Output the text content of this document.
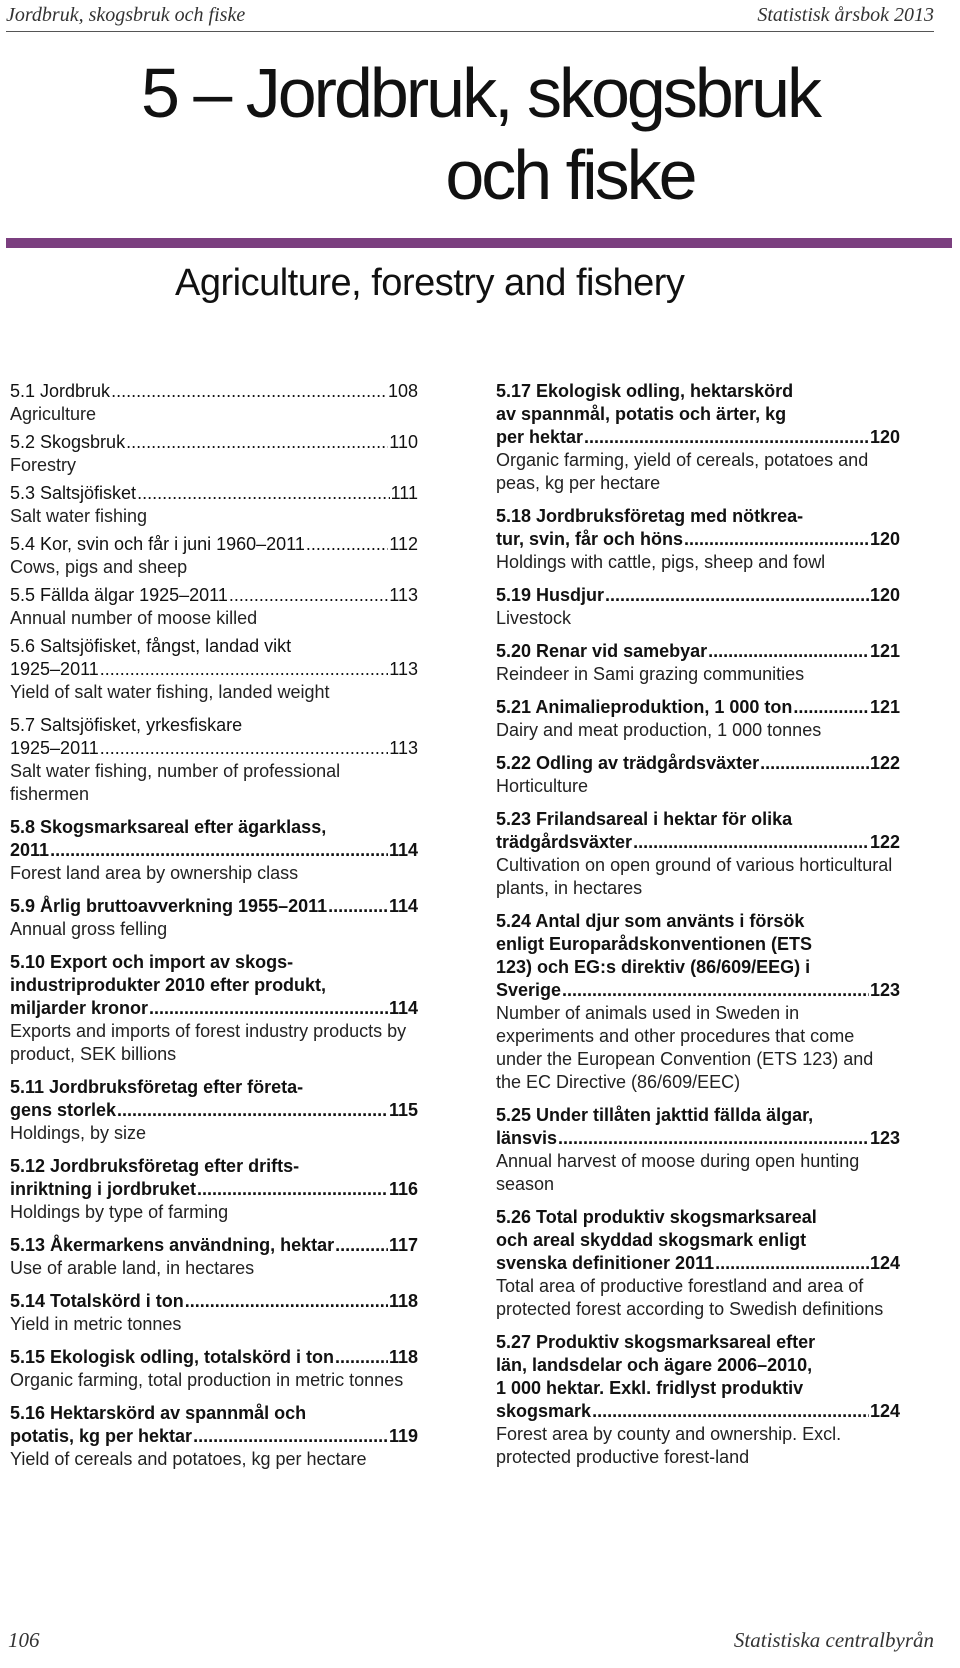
Jordbruk, skogsbruk och fiske	Statistisk årsbok 2013
5 – Jordbruk, skogsbruk
och fiske
Agriculture, forestry and fishery
5.1 Jordbruk .....	108
Agriculture
5.2 Skogsbruk .....	110
Forestry
5.3 Saltsjöfisket .....	111
Salt water fishing
5.4 Kor, svin och får i juni 1960–2011 .....	112
Cows, pigs and sheep
5.5 Fällda älgar 1925–2011 .....	113
Annual number of moose killed
5.6 Saltsjöfisket, fångst, landad vikt
1925–2011 .....	113
Yield of salt water fishing, landed weight
5.7 Saltsjöfisket, yrkesfiskare
1925–2011 .....	113
Salt water fishing, number of professional fishermen
5.8 Skogsmarksareal efter ägarklass,
2011 .....	114
Forest land area by ownership class
5.9 Årlig bruttoavverkning 1955–2011 .....	114
Annual gross felling
5.10 Export och import av skogs-
industriprodukter 2010 efter produkt,
miljarder kronor .....	114
Exports and imports of forest industry products by product, SEK billions
5.11 Jordbruksföretag efter företa-
gens storlek .....	115
Holdings, by size
5.12 Jordbruksföretag efter drifts-
inriktning i jordbruket .....	116
Holdings by type of farming
5.13 Åkermarkens användning, hektar .....	117
Use of arable land, in hectares
5.14 Totalskörd i ton .....	118
Yield in metric tonnes
5.15 Ekologisk odling, totalskörd i ton .....	118
Organic farming, total production in metric tonnes
5.16 Hektarskörd av spannmål och
potatis, kg per hektar .....	119
Yield of cereals and potatoes, kg per hectare
5.17 Ekologisk odling, hektarskörd
av spannmål, potatis och ärter, kg
per hektar .....	120
Organic farming, yield of cereals, potatoes and peas, kg per hectare
5.18 Jordbruksföretag med nötkrea-
tur, svin, får och höns .....	120
Holdings with cattle, pigs, sheep and fowl
5.19 Husdjur .....	120
Livestock
5.20 Renar vid samebyar .....	121
Reindeer in Sami grazing communities
5.21 Animalieproduktion, 1 000 ton .....	121
Dairy and meat production, 1 000 tonnes
5.22 Odling av trädgårdsväxter .....	122
Horticulture
5.23 Frilandsareal i hektar för olika
trädgårdsväxter .....	122
Cultivation on open ground of various horticultural plants, in hectares
5.24 Antal djur som använts i försök
enligt Europarådskonventionen (ETS
123) och EG:s direktiv (86/609/EEG) i
Sverige .....	123
Number of animals used in Sweden in experiments and other procedures that come under the European Convention (ETS 123) and the EC Directive (86/609/EEC)
5.25 Under tillåten jakttid fällda älgar,
länsvis .....	123
Annual harvest of moose during open hunting season
5.26 Total produktiv skogsmarksareal
och areal skyddad skogsmark enligt
svenska definitioner 2011 .....	124
Total area of productive forestland and area of protected forest according to Swedish definitions
5.27 Produktiv skogsmarksareal efter
län, landsdelar och ägare 2006–2010,
1 000 hektar. Exkl. fridlyst produktiv
skogsmark .....	124
Forest area by county and ownership. Excl. protected productive forest-land
106	Statistiska centralbyrån
